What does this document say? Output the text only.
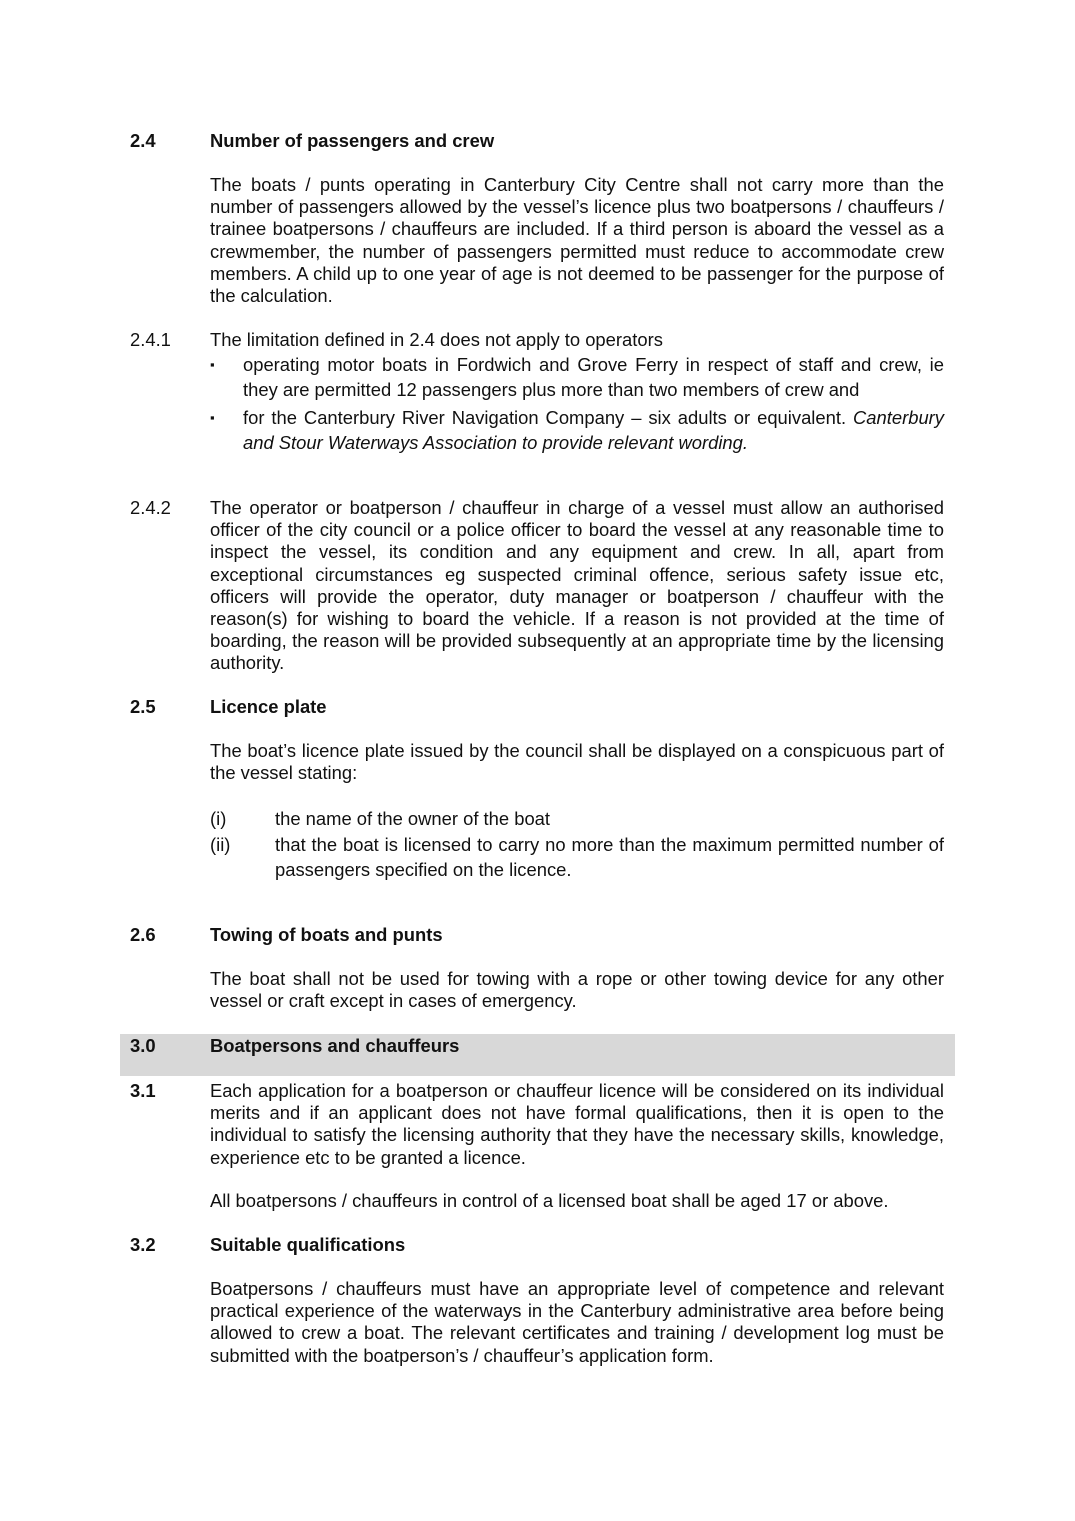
2.4	Number of passengers and crew
The boats / punts operating in Canterbury City Centre shall not carry more than the number of passengers allowed by the vessel’s licence plus two boatpersons / chauffeurs / trainee boatpersons / chauffeurs are included. If a third person is aboard the vessel as a crewmember, the number of passengers permitted must reduce to accommodate crew members. A child up to one year of age is not deemed to be passenger for the purpose of the calculation.
2.4.1	The limitation defined in 2.4 does not apply to operators
▪ operating motor boats in Fordwich and Grove Ferry in respect of staff and crew, ie they are permitted 12 passengers plus more than two members of crew and
▪ for the Canterbury River Navigation Company – six adults or equivalent. Canterbury and Stour Waterways Association to provide relevant wording.
2.4.2	The operator or boatperson / chauffeur in charge of a vessel must allow an authorised officer of the city council or a police officer to board the vessel at any reasonable time to inspect the vessel, its condition and any equipment and crew. In all, apart from exceptional circumstances eg suspected criminal offence, serious safety issue etc, officers will provide the operator, duty manager or boatperson / chauffeur with the reason(s) for wishing to board the vehicle. If a reason is not provided at the time of boarding, the reason will be provided subsequently at an appropriate time by the licensing authority.
2.5	Licence plate
The boat’s licence plate issued by the council shall be displayed on a conspicuous part of the vessel stating:
(i)	the name of the owner of the boat
(ii) that the boat is licensed to carry no more than the maximum permitted number of passengers specified on the licence.
2.6	Towing of boats and punts
The boat shall not be used for towing with a rope or other towing device for any other vessel or craft except in cases of emergency.
3.0	Boatpersons and chauffeurs
3.1	Each application for a boatperson or chauffeur licence will be considered on its individual merits and if an applicant does not have formal qualifications, then it is open to the individual to satisfy the licensing authority that they have the necessary skills, knowledge, experience etc to be granted a licence.
All boatpersons / chauffeurs in control of a licensed boat shall be aged 17 or above.
3.2	Suitable qualifications
Boatpersons / chauffeurs must have an appropriate level of competence and relevant practical experience of the waterways in the Canterbury administrative area before being allowed to crew a boat. The relevant certificates and training / development log must be submitted with the boatperson’s / chauffeur’s application form.
